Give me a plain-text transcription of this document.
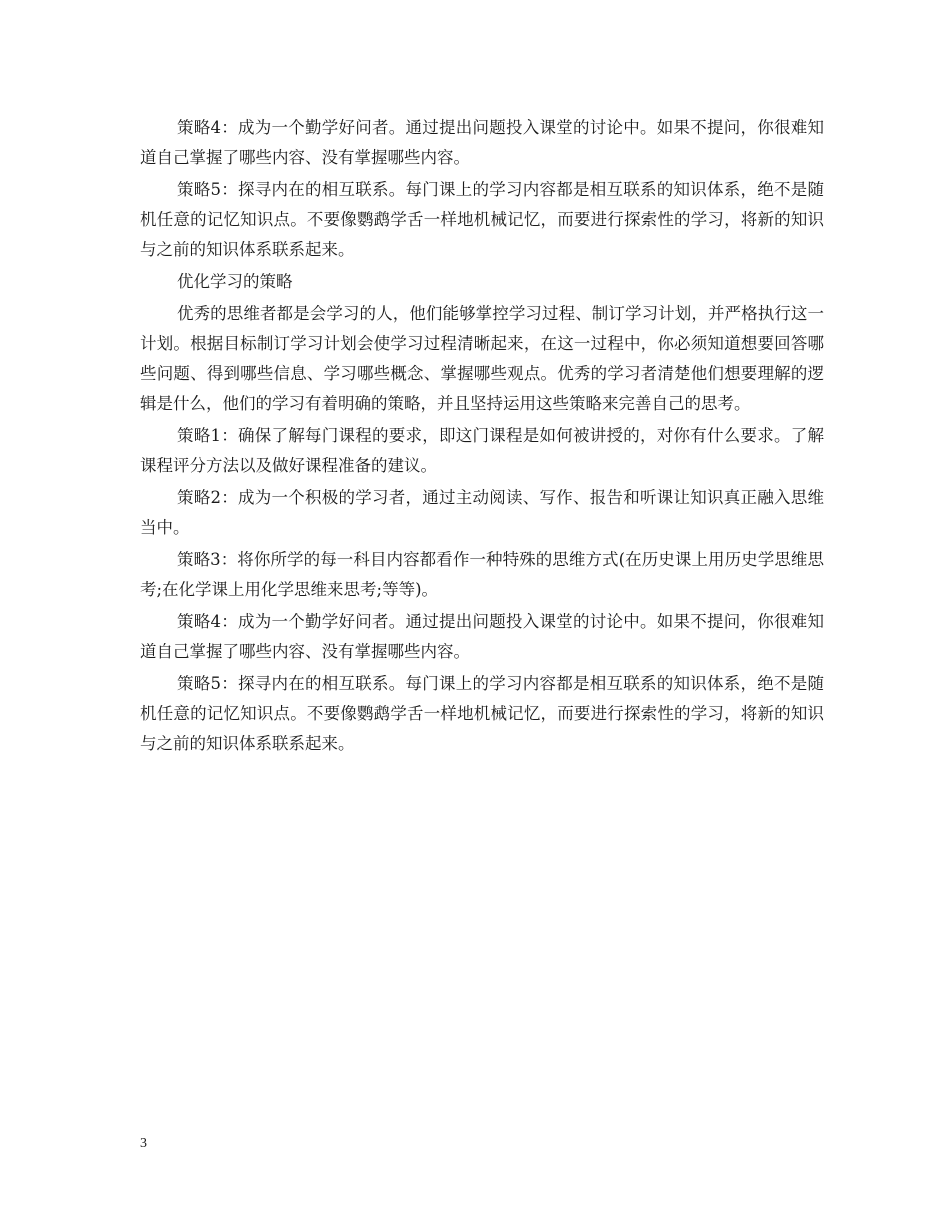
策略4：成为一个勤学好问者。通过提出问题投入课堂的讨论中。如果不提问，你很难知道自己掌握了哪些内容、没有掌握哪些内容。

策略5：探寻内在的相互联系。每门课上的学习内容都是相互联系的知识体系，绝不是随机任意的记忆知识点。不要像鹦鹉学舌一样地机械记忆，而要进行探索性的学习，将新的知识与之前的知识体系联系起来。

优化学习的策略

优秀的思维者都是会学习的人，他们能够掌控学习过程、制订学习计划，并严格执行这一计划。根据目标制订学习计划会使学习过程清晰起来，在这一过程中，你必须知道想要回答哪些问题、得到哪些信息、学习哪些概念、掌握哪些观点。优秀的学习者清楚他们想要理解的逻辑是什么，他们的学习有着明确的策略，并且坚持运用这些策略来完善自己的思考。

策略1：确保了解每门课程的要求，即这门课程是如何被讲授的，对你有什么要求。了解课程评分方法以及做好课程准备的建议。

策略2：成为一个积极的学习者，通过主动阅读、写作、报告和听课让知识真正融入思维当中。

策略3：将你所学的每一科目内容都看作一种特殊的思维方式(在历史课上用历史学思维思考;在化学课上用化学思维来思考;等等)。

策略4：成为一个勤学好问者。通过提出问题投入课堂的讨论中。如果不提问，你很难知道自己掌握了哪些内容、没有掌握哪些内容。

策略5：探寻内在的相互联系。每门课上的学习内容都是相互联系的知识体系，绝不是随机任意的记忆知识点。不要像鹦鹉学舌一样地机械记忆，而要进行探索性的学习，将新的知识与之前的知识体系联系起来。

3
